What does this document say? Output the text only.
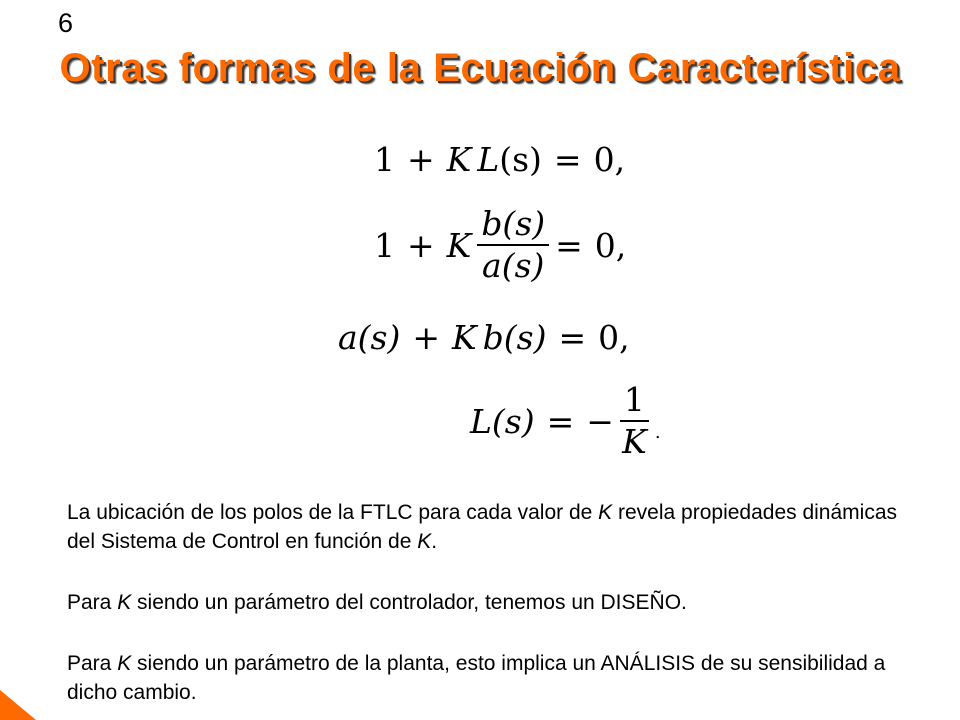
6
Otras formas de la Ecuación Característica
1 + K L (s) = 0,
1 + K $\frac{b(s)}{a(s)} = 0$,
a(s) + K b(s) = 0,
L(s) = − $\frac{1}{K}$ .
La ubicación de los polos de la FTLC para cada valor de K revela propiedades dinámicas del Sistema de Control en función de K.
Para K siendo un parámetro del controlador, tenemos un DISEÑO.
Para K siendo un parámetro de la planta, esto implica un ANÁLISIS de su sensibilidad a dicho cambio.
